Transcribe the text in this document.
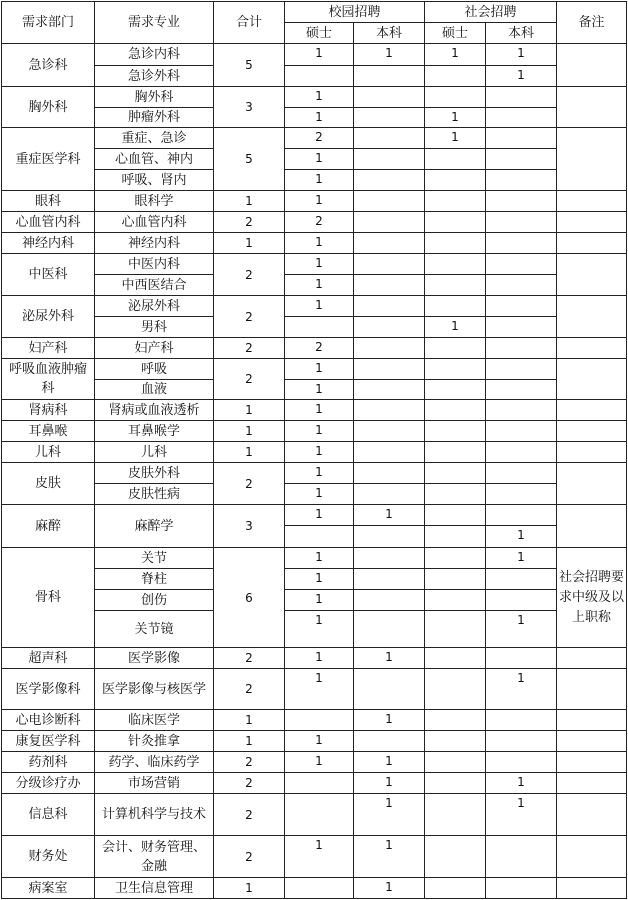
需求部门	需求专业	合计	校园招聘		社会招聘		备注
			硕士	本科	硕士	本科	
急诊科	急诊内科	5	1	1	1	1	
	急诊外科					1	
胸外科	胸外科	3	1				
	肿瘤外科		1		1		
重症医学科	重症、急诊	5	2		1		
	心血管、神内		1				
	呼吸、肾内		1				
眼科	眼科学	1	1				
心血管内科	心血管内科	2	2				
神经内科	神经内科	1	1				
中医科	中医内科	2	1				
	中西医结合		1				
泌尿外科	泌尿外科	2	1				
	男科				1		
妇产科	妇产科	2	2				
呼吸血液肿瘤科	呼吸	2	1				
	血液		1				
肾病科	肾病或血液透析	1	1				
耳鼻喉	耳鼻喉学	1	1				
儿科	儿科	1	1				
皮肤	皮肤外科	2	1				
	皮肤性病		1				
麻醉	麻醉学	3	1	1			
						1	
骨科	关节	6	1			1	社会招聘要求中级及以上职称
	脊柱		1				
	创伤		1				
	关节镜		1			1	
超声科	医学影像	2	1	1			
医学影像科	医学影像与核医学	2	1			1	
心电诊断科	临床医学	1		1			
康复医学科	针灸推拿	1	1				
药剂科	药学、临床药学	2	1	1			
分级诊疗办	市场营销	2		1		1	
信息科	计算机科学与技术	2		1		1	
财务处	会计、财务管理、金融	2	1	1			
病案室	卫生信息管理	1		1			
